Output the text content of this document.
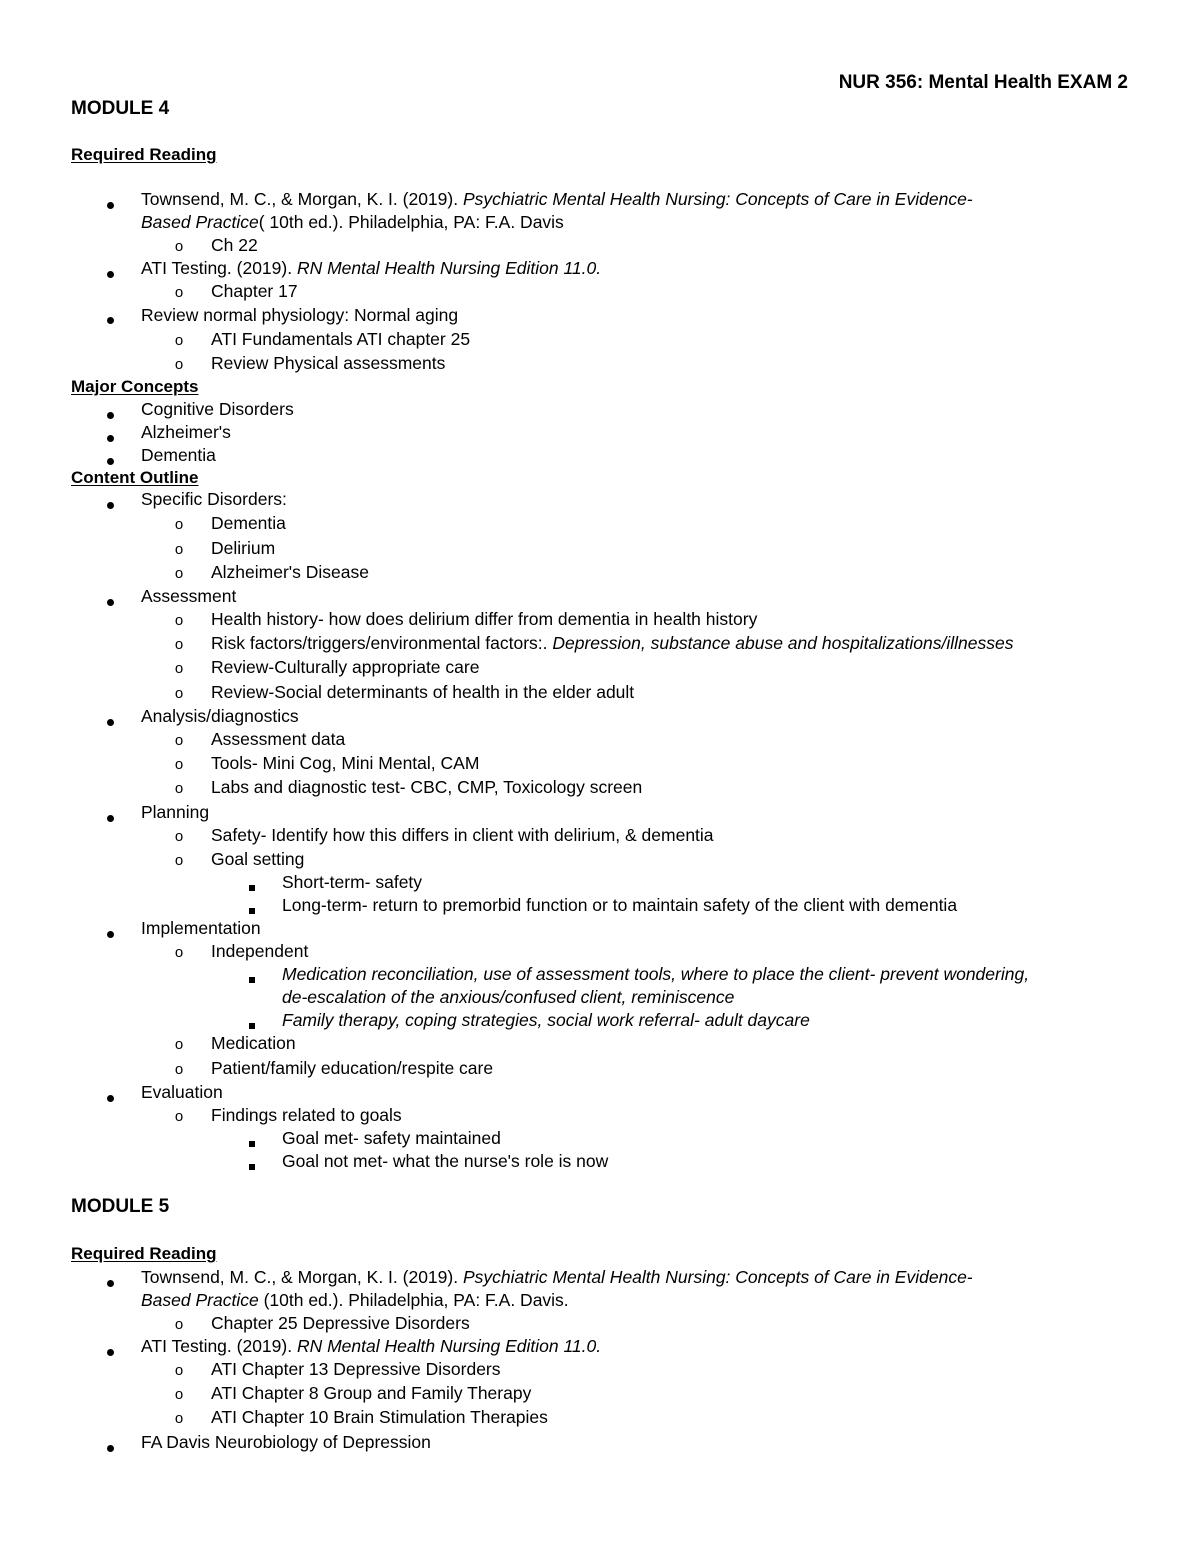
NUR 356: Mental Health EXAM 2
MODULE 4
Required Reading
Townsend, M. C., & Morgan, K. I. (2019). Psychiatric Mental Health Nursing: Concepts of Care in Evidence-
Based Practice( 10th ed.). Philadelphia, PA: F.A. Davis
o Ch 22
ATI Testing. (2019). RN Mental Health Nursing Edition 11.0.
o Chapter 17
Review normal physiology: Normal aging
o ATI Fundamentals ATI chapter 25
o Review Physical assessments
Major Concepts
Cognitive Disorders
Alzheimer's
Dementia
Content Outline
Specific Disorders:
o Dementia
o Delirium
o Alzheimer's Disease
Assessment
o Health history- how does delirium differ from dementia in health history
o Risk factors/triggers/environmental factors:. Depression, substance abuse and hospitalizations/illnesses
o Review-Culturally appropriate care
o Review-Social determinants of health in the elder adult
Analysis/diagnostics
o Assessment data
o Tools- Mini Cog, Mini Mental, CAM
o Labs and diagnostic test- CBC, CMP, Toxicology screen
Planning
o Safety- Identify how this differs in client with delirium, & dementia
o Goal setting
Short-term- safety
Long-term- return to premorbid function or to maintain safety of the client with dementia
Implementation
o Independent
Medication reconciliation, use of assessment tools, where to place the client- prevent wondering,
de-escalation of the anxious/confused client, reminiscence
Family therapy, coping strategies, social work referral- adult daycare
o Medication
o Patient/family education/respite care
Evaluation
o Findings related to goals
Goal met- safety maintained
Goal not met- what the nurse's role is now
MODULE 5
Required Reading
Townsend, M. C., & Morgan, K. I. (2019). Psychiatric Mental Health Nursing: Concepts of Care in Evidence-
Based Practice (10th ed.). Philadelphia, PA: F.A. Davis.
o Chapter 25 Depressive Disorders
ATI Testing. (2019). RN Mental Health Nursing Edition 11.0.
o ATI Chapter 13 Depressive Disorders
o ATI Chapter 8 Group and Family Therapy
o ATI Chapter 10 Brain Stimulation Therapies
FA Davis Neurobiology of Depression
